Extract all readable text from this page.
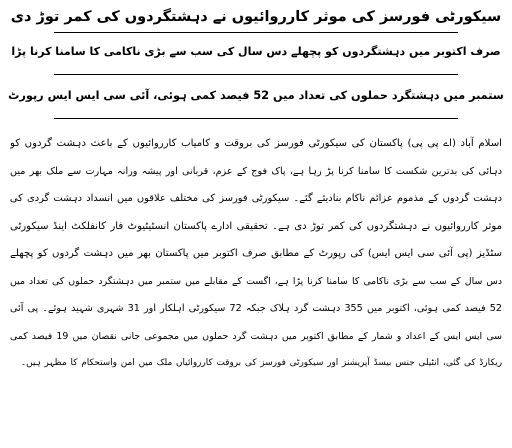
سیکورٹی فورسز کی موثر کارروائیوں نے دہشتگردوں کی کمر توڑ دی
صرف اکتوبر میں دہشتگردوں کو پچھلے دس سال کی سب سے بڑی ناکامی کا سامنا کرنا پڑا
ستمبر میں دہشتگرد حملوں کی تعداد میں 52 فیصد کمی ہوئی، آئی سی ایس ایس رپورٹ
اسلام آباد (اے پی پی) پاکستان کی سیکورٹی فورسز کی بروقت و کامیاب کارروائیوں کے باعث دہشت گردوں کو
دہائی کی بدترین شکست کا سامنا کرنا پڑ رہا ہے، پاک فوج کے عزم، قربانی اور پیشہ ورانہ مہارت سے ملک بھر میں
دہشت گردوں کے مذموم عزائم ناکام بنادیئے گئے۔ سیکورٹی فورسز کی مختلف علاقوں میں انسداد دہشت گردی کی
موثر کارروائیوں نے دہشتگردوں کی کمر توڑ دی ہے۔ تحقیقی ادارے پاکستان انسٹیٹیوٹ فار کانفلکٹ اینڈ سیکورٹی
سٹڈیز (پی آئی سی ایس ایس) کی رپورٹ کے مطابق صرف اکتوبر میں پاکستان بھر میں دہشت گردوں کو پچھلے
دس سال کے سب سے بڑی ناکامی کا سامنا کرنا پڑا ہے، اگست کے مقابلے میں ستمبر میں دہشتگرد حملوں کی تعداد میں
52 فیصد کمی ہوئی، اکتوبر میں 355 دہشت گرد ہلاک جبکہ 72 سیکورٹی اہلکار اور 31 شہری شہید ہوئے۔ پی آئی
سی ایس ایس کے اعداد و شمار کے مطابق اکتوبر میں دہشت گرد حملوں میں مجموعی جانی نقصان میں 19 فیصد کمی
ریکارڈ کی گئی، انٹیلی جنس بیسڈ آپریشنز اور سیکورٹی فورسز کی بروقت کارروائیاں ملک میں امن واستحکام کا مظہر ہیں۔
